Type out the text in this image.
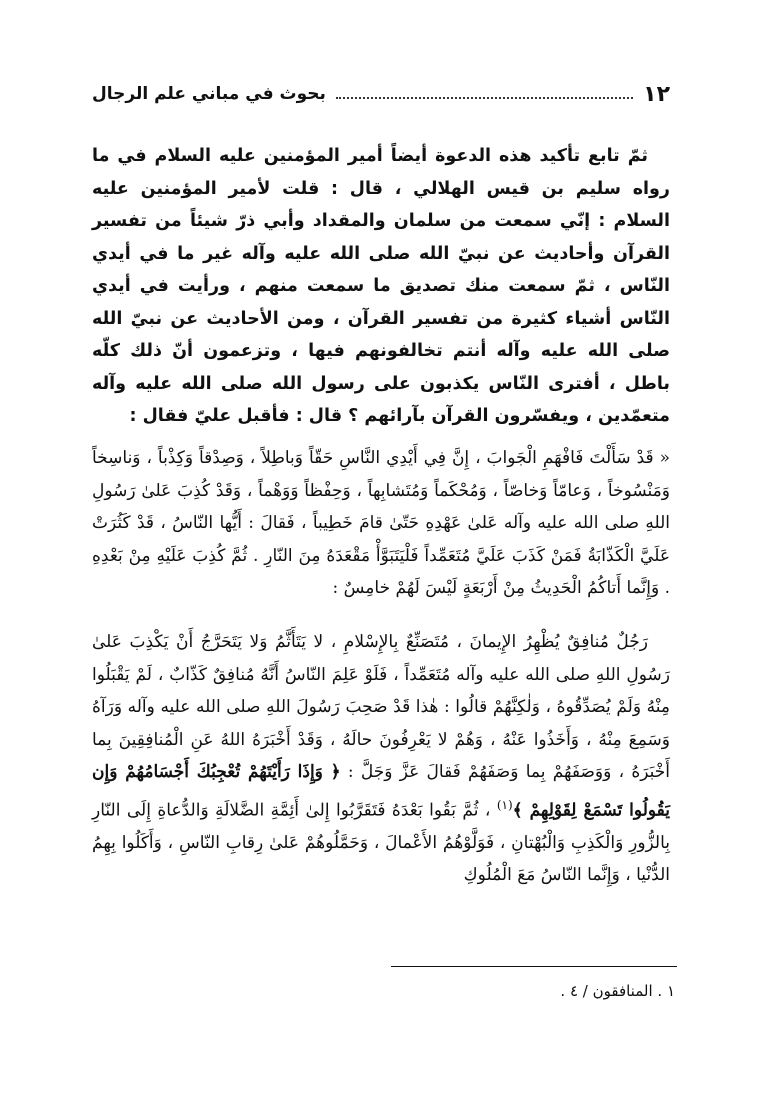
١٢
بحوث في مباني علم الرجال
ثمّ تابع تأكيد هذه الدعوة أيضاً أمير المؤمنين عليه السلام في ما رواه سليم بن قيس الهلالي ، قال : قلت لأمير المؤمنين عليه السلام : إنّي سمعت من سلمان والمقداد وأبي ذرّ شيئاً من تفسير القرآن وأحاديث عن نبيّ الله صلى الله عليه وآله غير ما في أيدي النّاس ، ثمّ سمعت منك تصديق ما سمعت منهم ، ورأيت في أيدي النّاس أشياء كثيرة من تفسير القرآن ، ومن الأحاديث عن نبيّ الله صلى الله عليه وآله أنتم تخالفونهم فيها ، وتزعمون أنّ ذلك كلّه باطل ، أفترى النّاس يكذبون على رسول الله صلى الله عليه وآله متعمّدين ، ويفسّرون القرآن بآرائهم ؟ قال : فأقبل عليّ فقال :
« قَدْ سَأَلْتَ فَافْهَمِ الْجَوابَ ، إِنَّ فِي أَيْدِي النَّاسِ حَقّاً وَباطِلاً ، وَصِدْقاً وَكِذْباً ، وَناسِخاً وَمَنْسُوخاً ، وَعامّاً وَخاصّاً ، وَمُحْكَماً وَمُتَشابِهاً ، وَحِفْظاً وَوَهْماً ، وَقَدْ كُذِبَ عَلىٰ رَسُولِ اللهِ صلى الله عليه وآله عَلىٰ عَهْدِهِ حَتّىٰ قامَ خَطِيباً ، فَقالَ : أَيُّها النّاسُ ، قَدْ كَثُرَتْ عَلَيَّ الْكَذّابَةُ فَمَنْ كَذَبَ عَلَيَّ مُتَعَمِّداً فَلْيَتَبَوَّأْ مَقْعَدَهُ مِنَ النّارِ . ثُمَّ كُذِبَ عَلَيْهِ مِنْ بَعْدِهِ . وَإِنَّما أَتاكُمُ الْحَدِيثُ مِنْ أَرْبَعَةٍ لَيْسَ لَهُمْ خامِسٌ :
رَجُلٌ مُنافِقٌ يُظْهِرُ الإِيمانَ ، مُتَصَنِّعٌ بِالإِسْلامِ ، لا يَتَأَثَّمُ وَلا يَتَحَرَّجُ أَنْ يَكْذِبَ عَلىٰ رَسُولِ اللهِ صلى الله عليه وآله مُتَعَمِّداً ، فَلَوْ عَلِمَ النّاسُ أَنَّهُ مُنافِقٌ كَذّابٌ ، لَمْ يَقْبَلُوا مِنْهُ وَلَمْ يُصَدِّقُوهُ ، وَلٰكِنَّهُمْ قالُوا : هٰذا قَدْ صَحِبَ رَسُولَ اللهِ صلى الله عليه وآله وَرَآهُ وَسَمِعَ مِنْهُ ، وَأَخَذُوا عَنْهُ ، وَهُمْ لا يَعْرِفُونَ حالَهُ ، وَقَدْ أَخْبَرَهُ اللهُ عَنِ الْمُنافِقِينَ بِما أَخْبَرَهُ ، وَوَصَفَهُمْ بِما وَصَفَهُمْ فَقالَ عَزَّ وَجَلَّ : ﴿ وَإِذَا رَأَيْتَهُمْ تُعْجِبُكَ أَجْسَامُهُمْ وَإِن يَقُولُوا تَسْمَعْ لِقَوْلِهِمْ ﴾$^{(١)}$ ، ثُمَّ بَقُوا بَعْدَهُ فَتَقَرَّبُوا إِلىٰ أَئِمَّةِ الضَّلالَةِ وَالدُّعاةِ إِلَى النّارِ بِالزُّورِ وَالْكَذِبِ وَالْبُهْتانِ ، فَوَلَّوْهُمُ الأَعْمالَ ، وَحَمَّلُوهُمْ عَلىٰ رِقابِ النّاسِ ، وَأَكَلُوا بِهِمُ الدُّنْيا ، وَإِنَّما النّاسُ مَعَ الْمُلُوكِ
١ . المنافقون / ٤ .
